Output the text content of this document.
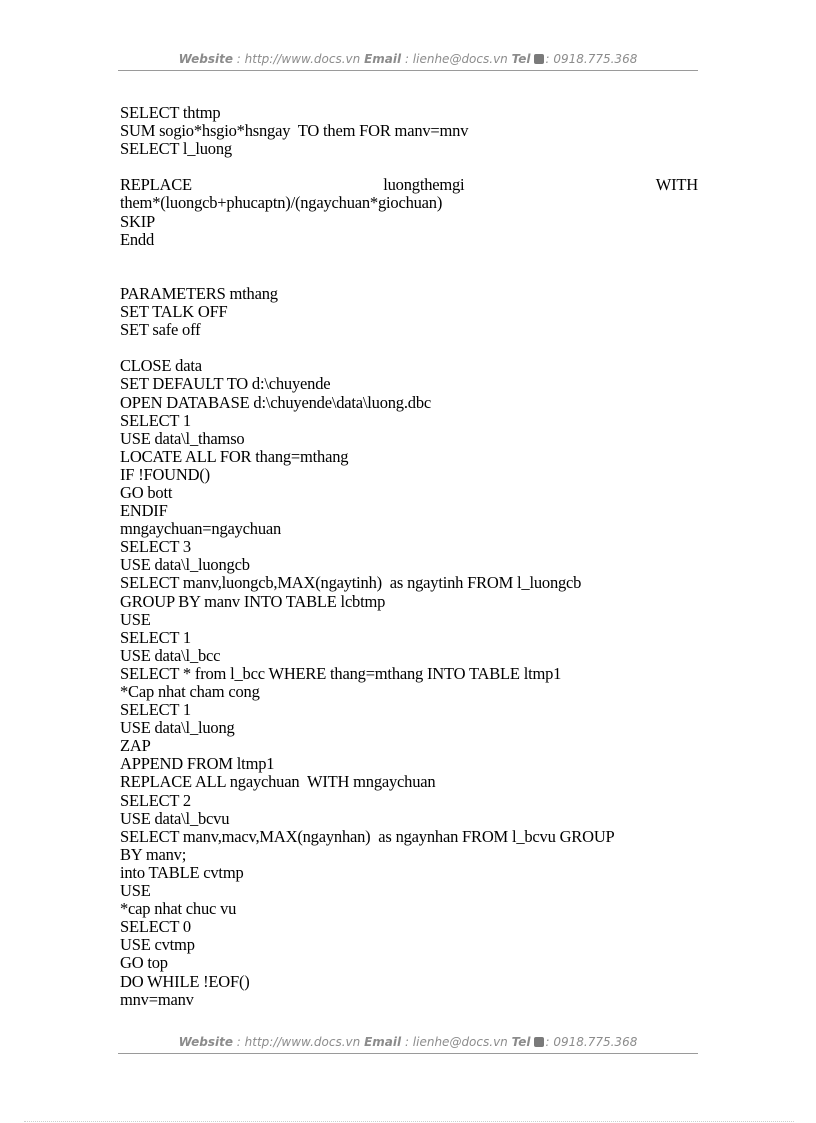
Website : http://www.docs.vn Email : lienhe@docs.vn Tel : 0918.775.368
SELECT thtmp
SUM sogio*hsgio*hsngay  TO them FOR manv=mnv
SELECT l_luong
REPLACE	luongthemgi	WITH
them*(luongcb+phucaptn)/(ngaychuan*giochuan)
SKIP
Endd
PARAMETERS mthang
SET TALK OFF
SET safe off
CLOSE data
SET DEFAULT TO d:\chuyende
OPEN DATABASE d:\chuyende\data\luong.dbc
SELECT 1
USE data\l_thamso
LOCATE ALL FOR thang=mthang
IF !FOUND()
GO bott
ENDIF
mngaychuan=ngaychuan
SELECT 3
USE data\l_luongcb
SELECT manv,luongcb,MAX(ngaytinh)  as ngaytinh FROM l_luongcb
GROUP BY manv INTO TABLE lcbtmp
USE
SELECT 1
USE data\l_bcc
SELECT * from l_bcc WHERE thang=mthang INTO TABLE ltmp1
*Cap nhat cham cong
SELECT 1
USE data\l_luong
ZAP
APPEND FROM ltmp1
REPLACE ALL ngaychuan  WITH mngaychuan
SELECT 2
USE data\l_bcvu
SELECT manv,macv,MAX(ngaynhan)  as ngaynhan FROM l_bcvu GROUP
BY manv;
into TABLE cvtmp
USE
*cap nhat chuc vu
SELECT 0
USE cvtmp
GO top
DO WHILE !EOF()
mnv=manv
Website : http://www.docs.vn Email : lienhe@docs.vn Tel : 0918.775.368
